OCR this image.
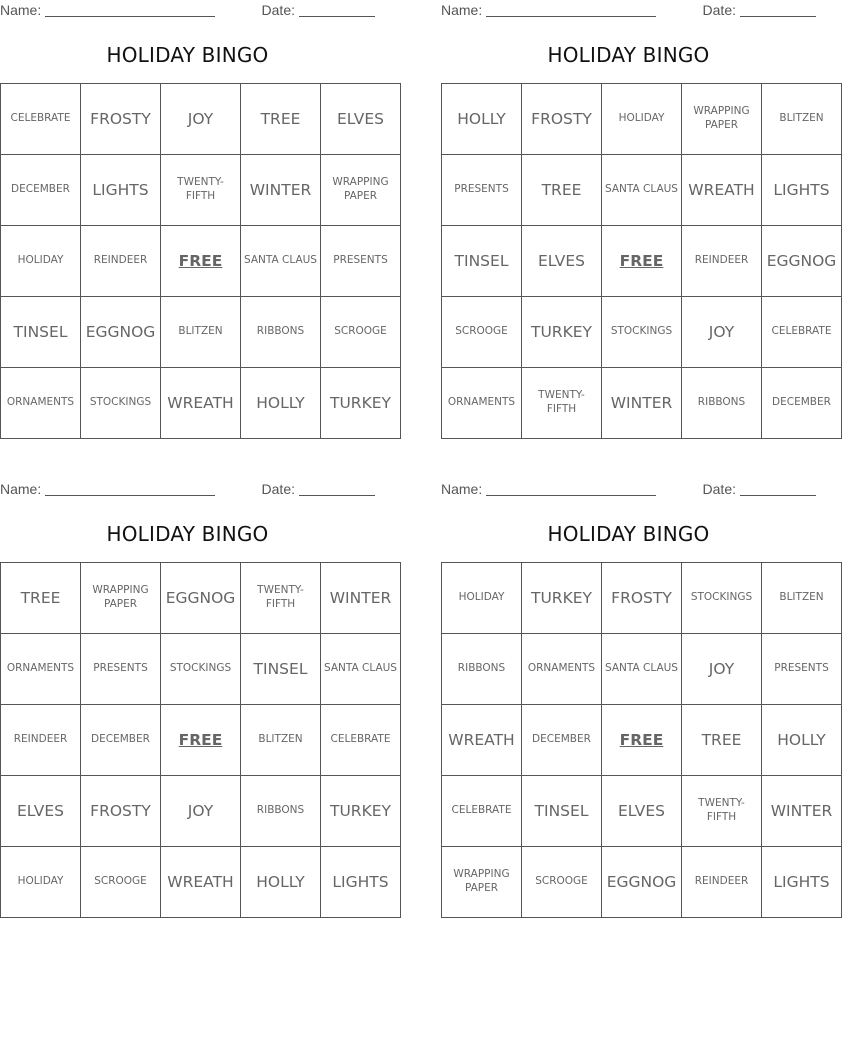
Name:	Date:
HOLIDAY BINGO
CELEBRATE	FROSTY	JOY	TREE	ELVES
DECEMBER	LIGHTS	TWENTY-FIFTH	WINTER	WRAPPING PAPER
HOLIDAY	REINDEER	FREE	SANTA CLAUS	PRESENTS
TINSEL	EGGNOG	BLITZEN	RIBBONS	SCROOGE
ORNAMENTS	STOCKINGS	WREATH	HOLLY	TURKEY
Name:	Date:
HOLIDAY BINGO
HOLLY	FROSTY	HOLIDAY	WRAPPING PAPER	BLITZEN
PRESENTS	TREE	SANTA CLAUS	WREATH	LIGHTS
TINSEL	ELVES	FREE	REINDEER	EGGNOG
SCROOGE	TURKEY	STOCKINGS	JOY	CELEBRATE
ORNAMENTS	TWENTY-FIFTH	WINTER	RIBBONS	DECEMBER
Name:	Date:
HOLIDAY BINGO
TREE	WRAPPING PAPER	EGGNOG	TWENTY-FIFTH	WINTER
ORNAMENTS	PRESENTS	STOCKINGS	TINSEL	SANTA CLAUS
REINDEER	DECEMBER	FREE	BLITZEN	CELEBRATE
ELVES	FROSTY	JOY	RIBBONS	TURKEY
HOLIDAY	SCROOGE	WREATH	HOLLY	LIGHTS
Name:	Date:
HOLIDAY BINGO
HOLIDAY	TURKEY	FROSTY	STOCKINGS	BLITZEN
RIBBONS	ORNAMENTS	SANTA CLAUS	JOY	PRESENTS
WREATH	DECEMBER	FREE	TREE	HOLLY
CELEBRATE	TINSEL	ELVES	TWENTY-FIFTH	WINTER
WRAPPING PAPER	SCROOGE	EGGNOG	REINDEER	LIGHTS
